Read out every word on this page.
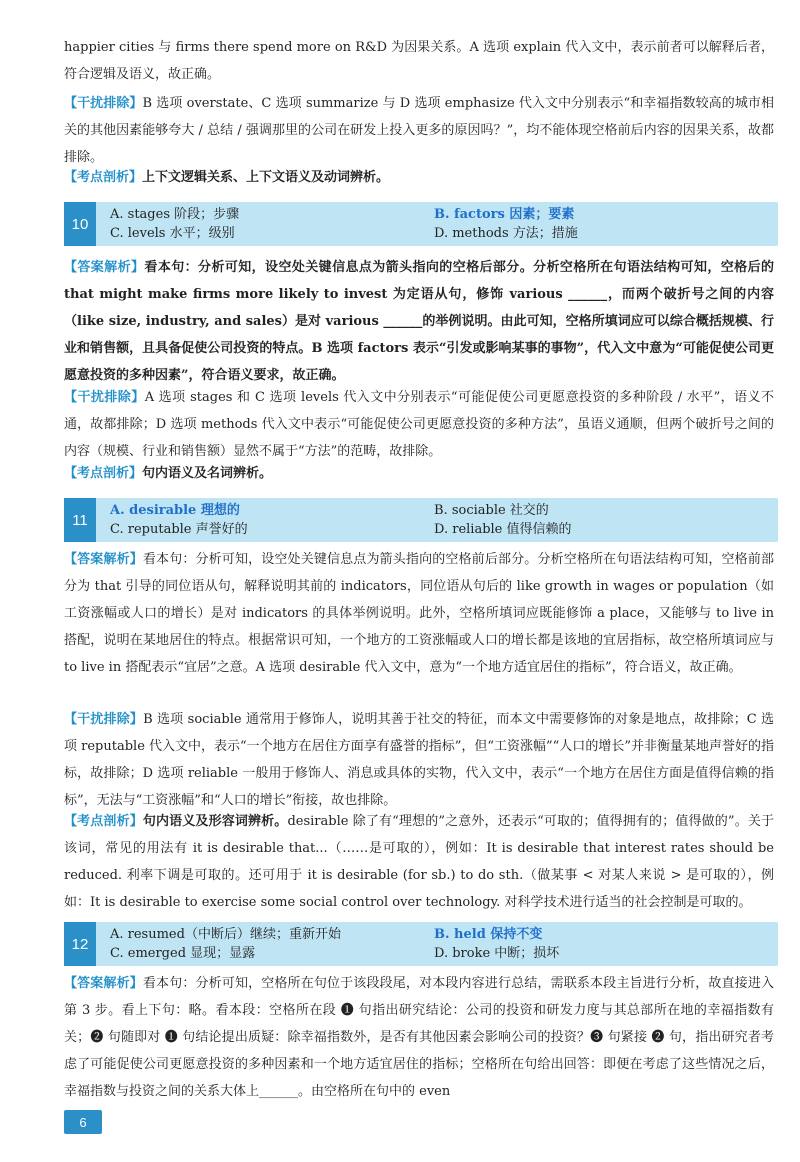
happier cities 与 firms there spend more on R&D 为因果关系。A 选项 explain 代入文中，表示前者可以解释后者，符合逻辑及语义，故正确。

【干扰排除】B 选项 overstate、C 选项 summarize 与 D 选项 emphasize 代入文中分别表示“和幸福指数较高的城市相关的其他因素能够夸大 / 总结 / 强调那里的公司在研发上投入更多的原因吗？”，均不能体现空格前后内容的因果关系，故都排除。

【考点剖析】上下文逻辑关系、上下文语义及动词辨析。

10
A. stages 阶段；步骤	B. factors 因素；要素
C. levels 水平；级别	D. methods 方法；措施

【答案解析】看本句：分析可知，设空处关键信息点为箭头指向的空格后部分。分析空格所在句语法结构可知，空格后的 that might make firms more likely to invest 为定语从句，修饰 various ______，而两个破折号之间的内容（like size, industry, and sales）是对 various ______的举例说明。由此可知，空格所填词应可以综合概括规模、行业和销售额，且具备促使公司投资的特点。B 选项 factors 表示“引发或影响某事的事物”，代入文中意为“可能促使公司更愿意投资的多种因素”，符合语义要求，故正确。

【干扰排除】A 选项 stages 和 C 选项 levels 代入文中分别表示“可能促使公司更愿意投资的多种阶段 / 水平”，语义不通，故都排除；D 选项 methods 代入文中表示“可能促使公司更愿意投资的多种方法”，虽语义通顺，但两个破折号之间的内容（规模、行业和销售额）显然不属于“方法”的范畴，故排除。

【考点剖析】句内语义及名词辨析。

11
A. desirable 理想的	B. sociable 社交的
C. reputable 声誉好的	D. reliable 值得信赖的

【答案解析】看本句：分析可知，设空处关键信息点为箭头指向的空格前后部分。分析空格所在句语法结构可知，空格前部分为 that 引导的同位语从句，解释说明其前的 indicators，同位语从句后的 like growth in wages or population（如工资涨幅或人口的增长）是对 indicators 的具体举例说明。此外，空格所填词应既能修饰 a place，又能够与 to live in 搭配，说明在某地居住的特点。根据常识可知，一个地方的工资涨幅或人口的增长都是该地的宜居指标，故空格所填词应与 to live in 搭配表示“宜居”之意。A 选项 desirable 代入文中，意为“一个地方适宜居住的指标”，符合语义，故正确。

【干扰排除】B 选项 sociable 通常用于修饰人，说明其善于社交的特征，而本文中需要修饰的对象是地点，故排除；C 选项 reputable 代入文中，表示“一个地方在居住方面享有盛誉的指标”，但“工资涨幅”“人口的增长”并非衡量某地声誉好的指标，故排除；D 选项 reliable 一般用于修饰人、消息或具体的实物，代入文中，表示“一个地方在居住方面是值得信赖的指标”，无法与“工资涨幅”和“人口的增长”衔接，故也排除。

【考点剖析】句内语义及形容词辨析。desirable 除了有“理想的”之意外，还表示“可取的；值得拥有的；值得做的”。关于该词，常见的用法有 it is desirable that...（……是可取的），例如：It is desirable that interest rates should be reduced. 利率下调是可取的。还可用于 it is desirable (for sb.) to do sth.（做某事 < 对某人来说 > 是可取的），例如：It is desirable to exercise some social control over technology. 对科学技术进行适当的社会控制是可取的。

12
A. resumed（中断后）继续；重新开始	B. held 保持不变
C. emerged 显现；显露	D. broke 中断；损坏

【答案解析】看本句：分析可知，空格所在句位于该段段尾，对本段内容进行总结，需联系本段主旨进行分析，故直接进入第 3 步。看上下句：略。看本段：空格所在段 ❶ 句指出研究结论：公司的投资和研发力度与其总部所在地的幸福指数有关；❷ 句随即对 ❶ 句结论提出质疑：除幸福指数外，是否有其他因素会影响公司的投资？❸ 句紧接 ❷ 句，指出研究者考虑了可能促使公司更愿意投资的多种因素和一个地方适宜居住的指标；空格所在句给出回答：即便在考虑了这些情况之后，幸福指数与投资之间的关系大体上______。由空格所在句中的 even

6
